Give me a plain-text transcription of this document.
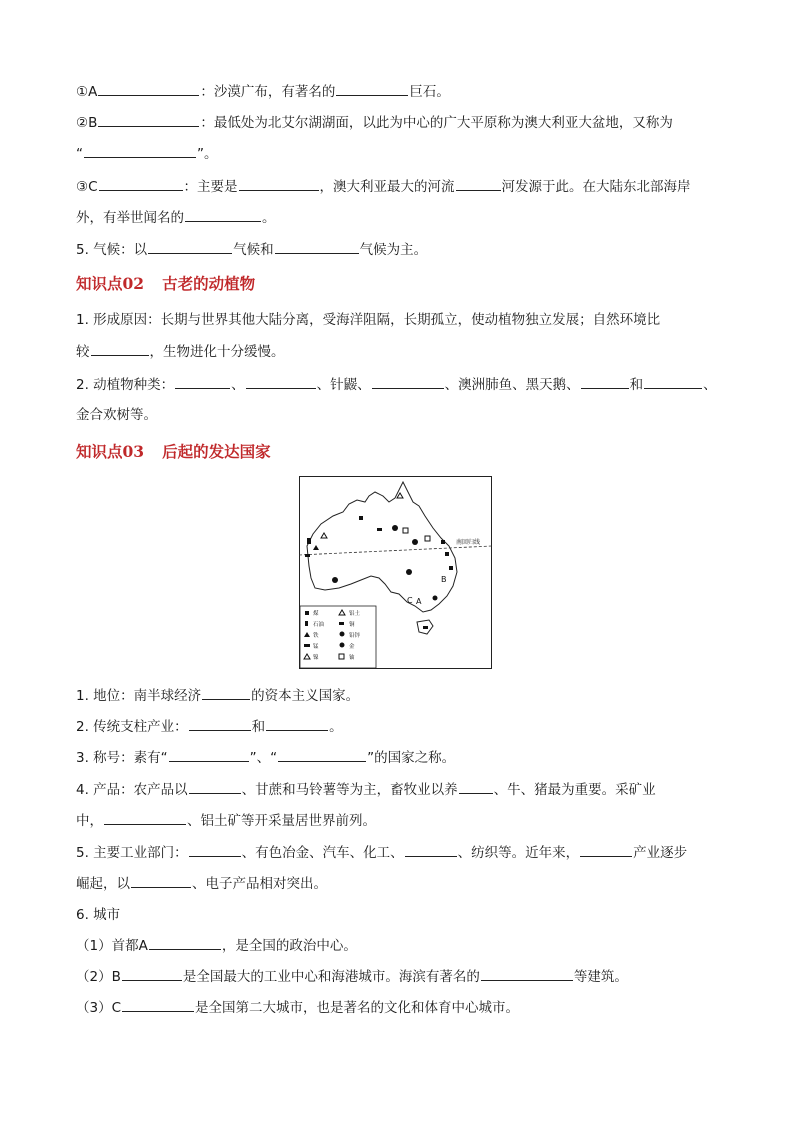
①A	：沙漠广布，有著名的	巨石。
②B	：最低处为北艾尔湖湖面，以此为中心的广大平原称为澳大利亚大盆地，又称为
“	”。
③C	：主要是	，澳大利亚最大的河流	河发源于此。在大陆东北部海岸
外，有举世闻名的	。
5. 气候：以	气候和	气候为主。
知识点02 古老的动植物
1. 形成原因：长期与世界其他大陆分离，受海洋阻隔，长期孤立，使动植物独立发展；自然环境比
较	，生物进化十分缓慢。
2. 动植物种类：	、	、针鼹、	、澳洲肺鱼、黑天鹅、	和	、
金合欢树等。
知识点03 后起的发达国家
南回归线
A
B
煤	铝土
石油	铜
铁	铅锌
锰	金
镍	铀
C
1. 地位：南半球经济	的资本主义国家。
2. 传统支柱产业：	和	。
3. 称号：素有“	”、“	”的国家之称。
4. 产品：农产品以	、甘蔗和马铃薯等为主，畜牧业以养	、牛、猪最为重要。采矿业
中，	、铝土矿等开采量居世界前列。
5. 主要工业部门：	、有色冶金、汽车、化工、	、纺织等。近年来，	产业逐步
崛起，以	、电子产品相对突出。
6. 城市
（1）首都A	，是全国的政治中心。
（2）B	是全国最大的工业中心和海港城市。海滨有著名的	等建筑。
（3）C	是全国第二大城市，也是著名的文化和体育中心城市。
